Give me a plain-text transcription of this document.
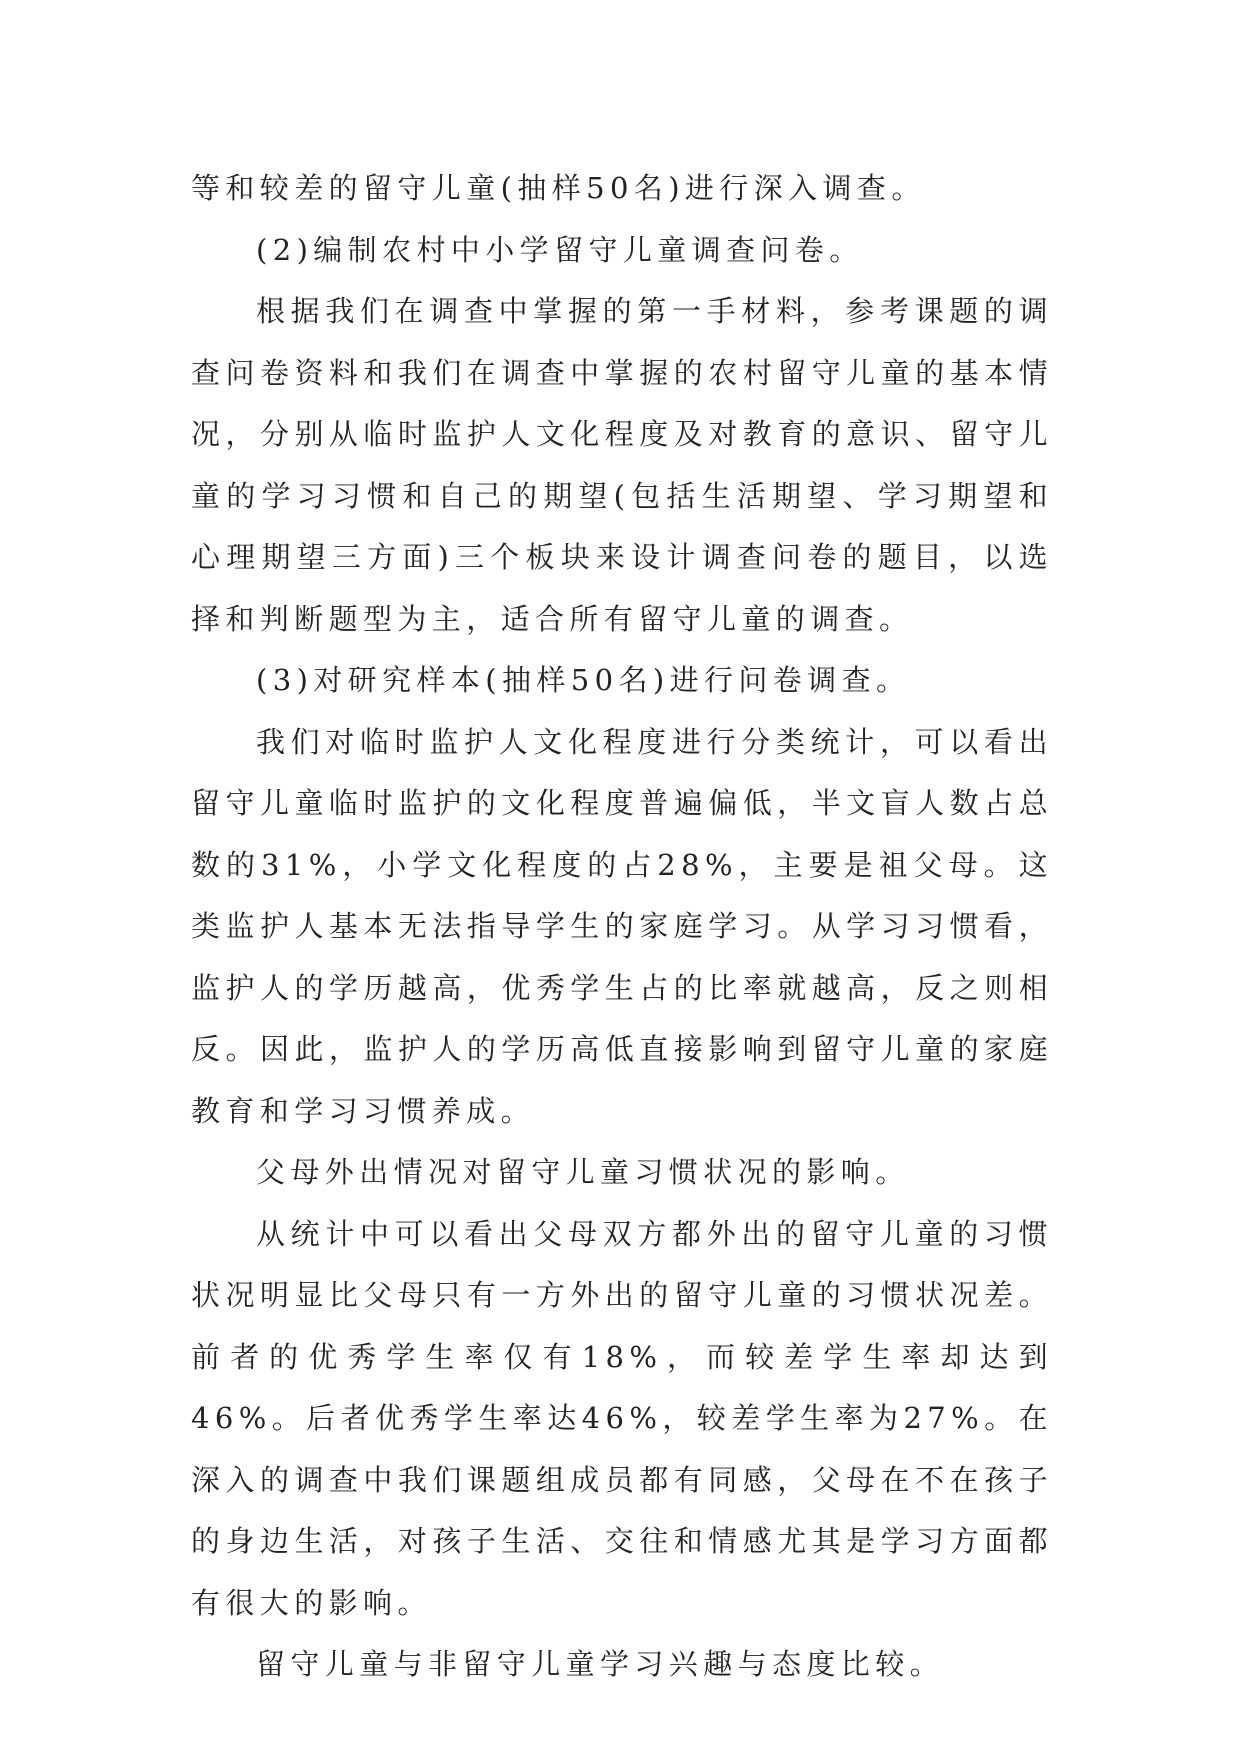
等和较差的留守儿童(抽样50名)进行深入调查。

(2)编制农村中小学留守儿童调查问卷。

根据我们在调查中掌握的第一手材料，参考课题的调查问卷资料和我们在调查中掌握的农村留守儿童的基本情况，分别从临时监护人文化程度及对教育的意识、留守儿童的学习习惯和自己的期望(包括生活期望、学习期望和心理期望三方面)三个板块来设计调查问卷的题目，以选择和判断题型为主，适合所有留守儿童的调查。

(3)对研究样本(抽样50名)进行问卷调查。

我们对临时监护人文化程度进行分类统计，可以看出留守儿童临时监护的文化程度普遍偏低，半文盲人数占总数的31%，小学文化程度的占28%，主要是祖父母。这类监护人基本无法指导学生的家庭学习。从学习习惯看，监护人的学历越高，优秀学生占的比率就越高，反之则相反。因此，监护人的学历高低直接影响到留守儿童的家庭教育和学习习惯养成。

父母外出情况对留守儿童习惯状况的影响。

从统计中可以看出父母双方都外出的留守儿童的习惯状况明显比父母只有一方外出的留守儿童的习惯状况差。前者的优秀学生率仅有18%，而较差学生率却达到46%。后者优秀学生率达46%，较差学生率为27%。在深入的调查中我们课题组成员都有同感，父母在不在孩子的身边生活，对孩子生活、交往和情感尤其是学习方面都有很大的影响。

留守儿童与非留守儿童学习兴趣与态度比较。
